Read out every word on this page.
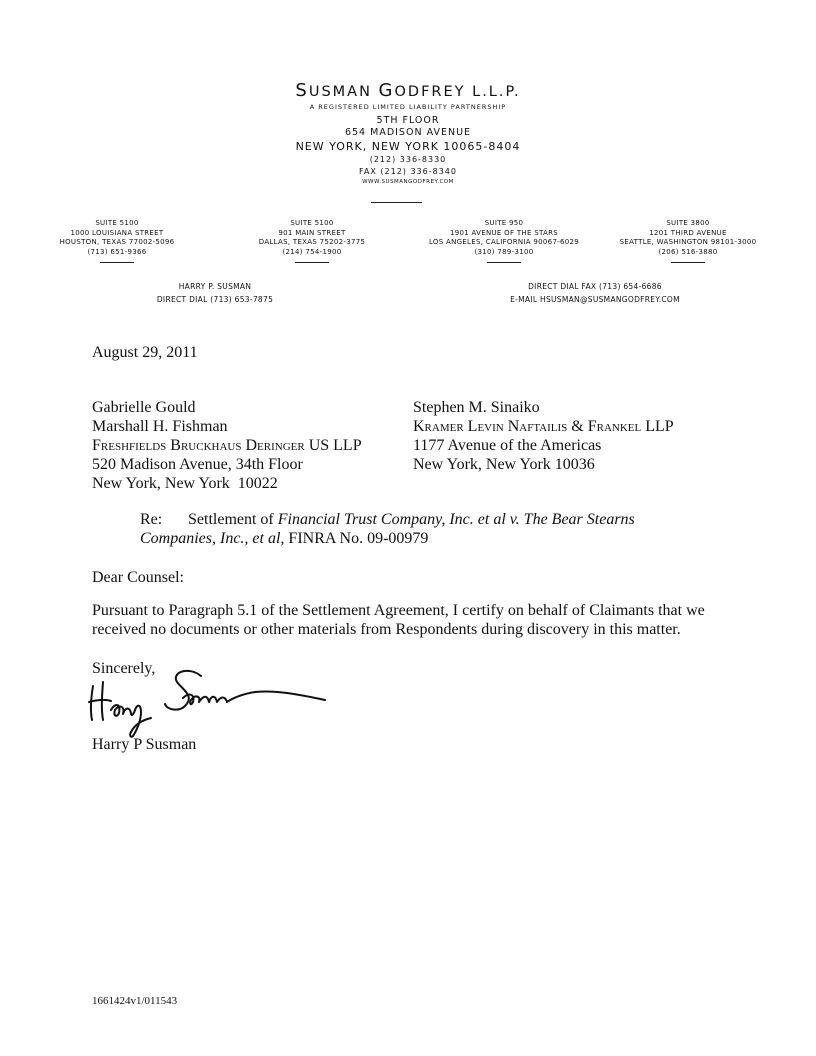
SUSMAN GODFREY L.L.P.
A REGISTERED LIMITED LIABILITY PARTNERSHIP
5TH FLOOR
654 MADISON AVENUE
NEW YORK, NEW YORK 10065-8404
(212) 336-8330
FAX (212) 336-8340
WWW.SUSMANGODFREY.COM
SUITE 5100
1000 LOUISIANA STREET
HOUSTON, TEXAS 77002-5096
(713) 651-9366
SUITE 5100
901 MAIN STREET
DALLAS, TEXAS 75202-3775
(214) 754-1900
SUITE 950
1901 AVENUE OF THE STARS
LOS ANGELES, CALIFORNIA 90067-6029
(310) 789-3100
SUITE 3800
1201 THIRD AVENUE
SEATTLE, WASHINGTON 98101-3000
(206) 516-3880
HARRY P. SUSMAN
DIRECT DIAL (713) 653-7875
DIRECT DIAL FAX (713) 654-6686
E-MAIL HSUSMAN@SUSMANGODFREY.COM
August 29, 2011
Gabrielle Gould
Marshall H. Fishman
Freshfields Bruckhaus Deringer US LLP
520 Madison Avenue, 34th Floor
New York, New York  10022
Stephen M. Sinaiko
Kramer Levin Naftailis & Frankel LLP
1177 Avenue of the Americas
New York, New York 10036
Re: Settlement of Financial Trust Company, Inc. et al v. The Bear Stearns
Companies, Inc., et al, FINRA No. 09-00979
Dear Counsel:
Pursuant to Paragraph 5.1 of the Settlement Agreement, I certify on behalf of Claimants that we received no documents or other materials from Respondents during discovery in this matter.
Sincerely,
Harry P Susman
1661424v1/011543
